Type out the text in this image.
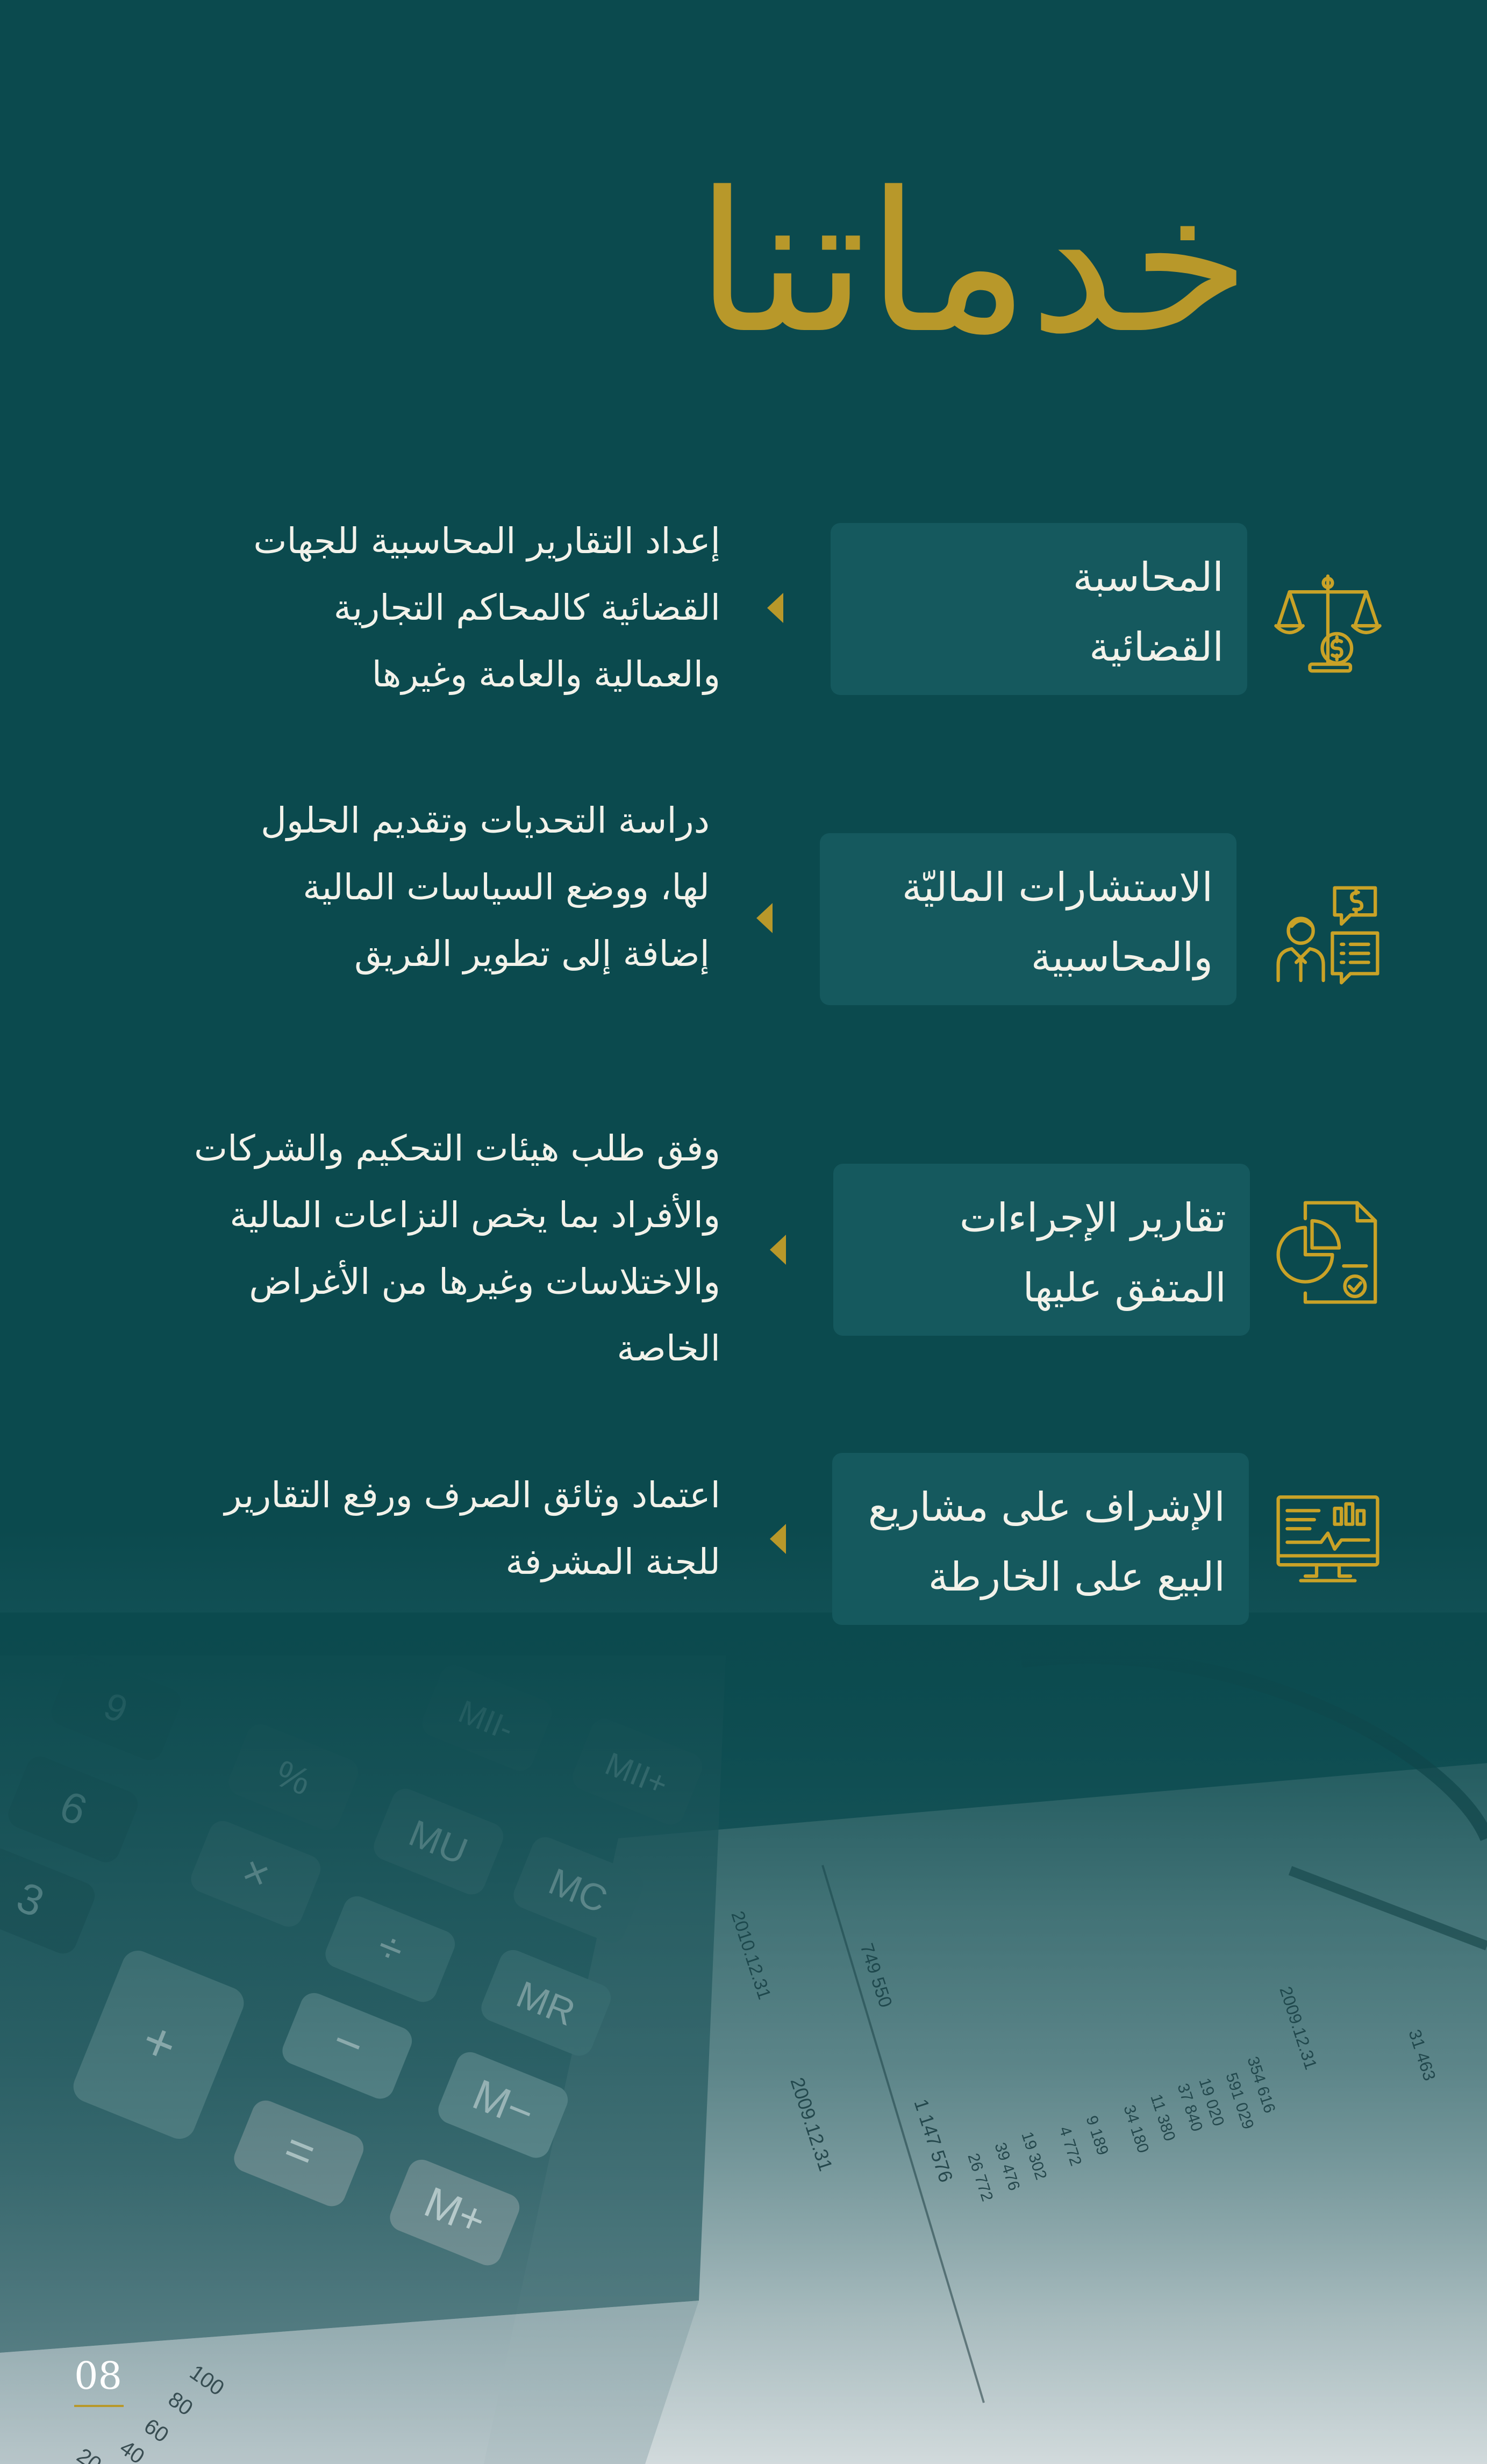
خدماتنا
المحاسبة
القضائية
إعداد التقارير المحاسبية للجهات
القضائية كالمحاكم التجارية
والعمالية والعامة وغيرها
الاستشارات الماليّة
والمحاسبية
دراسة التحديات وتقديم الحلول
لها، ووضع السياسات المالية
إضافة إلى تطوير الفريق
تقارير الإجراءات
المتفق عليها
وفق طلب هيئات التحكيم والشركات
والأفراد بما يخص النزاعات المالية
والاختلاسات وغيرها من الأغراض
الخاصة
الإشراف على مشاريع
البيع على الخارطة
اعتماد وثائق الصرف ورفع التقارير
للجنة المشرفة
08
